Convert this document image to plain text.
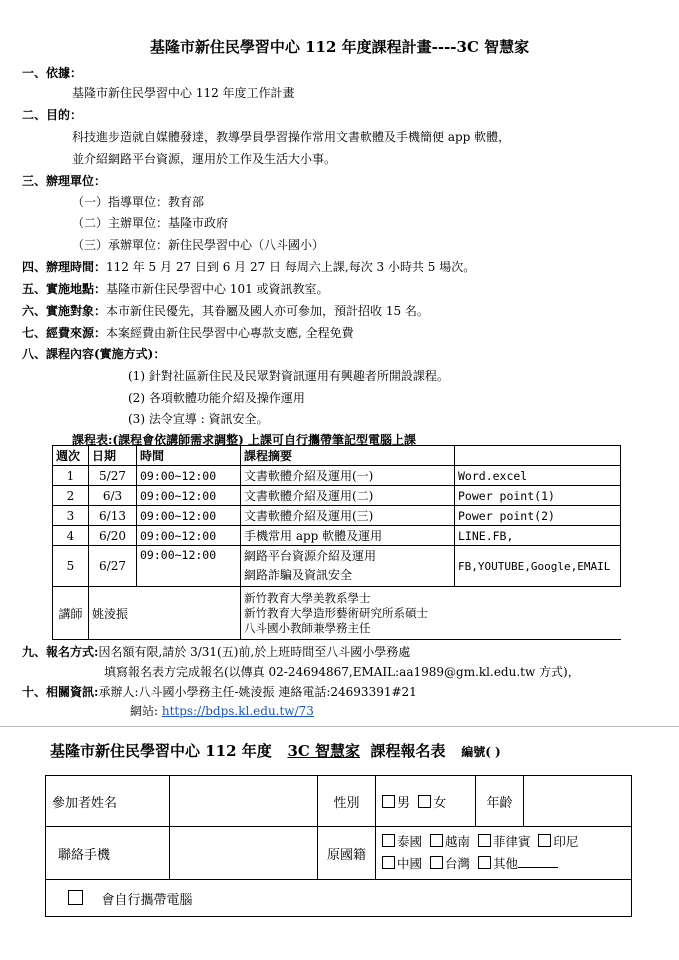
基隆市新住民學習中心 112 年度課程計畫----3C 智慧家
一、依據：
基隆市新住民學習中心 112 年度工作計畫
二、目的：
科技進步造就自媒體發達，教導學員學習操作常用文書軟體及手機簡便 app 軟體，
並介紹網路平台資源，運用於工作及生活大小事。
三、辦理單位：
（一）指導單位：教育部
（二）主辦單位：基隆市政府
（三）承辦單位：新住民學習中心（八斗國小）
四、辦理時間：112 年 5 月 27 日到 6 月 27 日 每周六上課,每次 3 小時共 5 場次。
五、實施地點：基隆市新住民學習中心 101 或資訊教室。
六、實施對象：本市新住民優先，其眷屬及國人亦可參加，預計招收 15 名。
七、經費來源：本案經費由新住民學習中心專款支應, 全程免費
八、課程內容(實施方式)：
(1) 針對社區新住民及民眾對資訊運用有興趣者所開設課程。
(2) 各項軟體功能介紹及操作運用
(3) 法令宣導 : 資訊安全。
課程表:(課程會依講師需求調整) 上課可自行攜帶筆記型電腦上課
週次	日期	時間	課程摘要	
1	5/27	09:00~12:00	文書軟體介紹及運用(一)	Word.excel
2	6/3	09:00~12:00	文書軟體介紹及運用(二)	Power point(1)
3	6/13	09:00~12:00	文書軟體介紹及運用(三)	Power point(2)
4	6/20	09:00~12:00	手機常用 app 軟體及運用	LINE.FB,
5	6/27	09:00~12:00	網路平台資源介紹及運用
網路詐騙及資訊安全	FB,YOUTUBE,Google,EMAIL
講師	姚淩振		新竹教育大學美教系學士
新竹教育大學造形藝術研究所系碩士
八斗國小教師兼學務主任	
九、報名方式:因名額有限,請於 3/31(五)前,於上班時間至八斗國小學務處
填寫報名表方完成報名(以傳真 02-24694867,EMAIL:aa1989@gm.kl.edu.tw 方式)，
十、相關資訊:承辦人:八斗國小學務主任-姚淩振 連絡電話:24693391#21
網站: https://bdps.kl.edu.tw/73
基隆市新住民學習中心 112 年度 3C 智慧家 課程報名表 編號( )
參加者姓名		性別	男 女	年齡	
聯絡手機		原國籍	泰國 越南 菲律賓 印尼
中國 台灣 其他		

會自行攜帶電腦					
